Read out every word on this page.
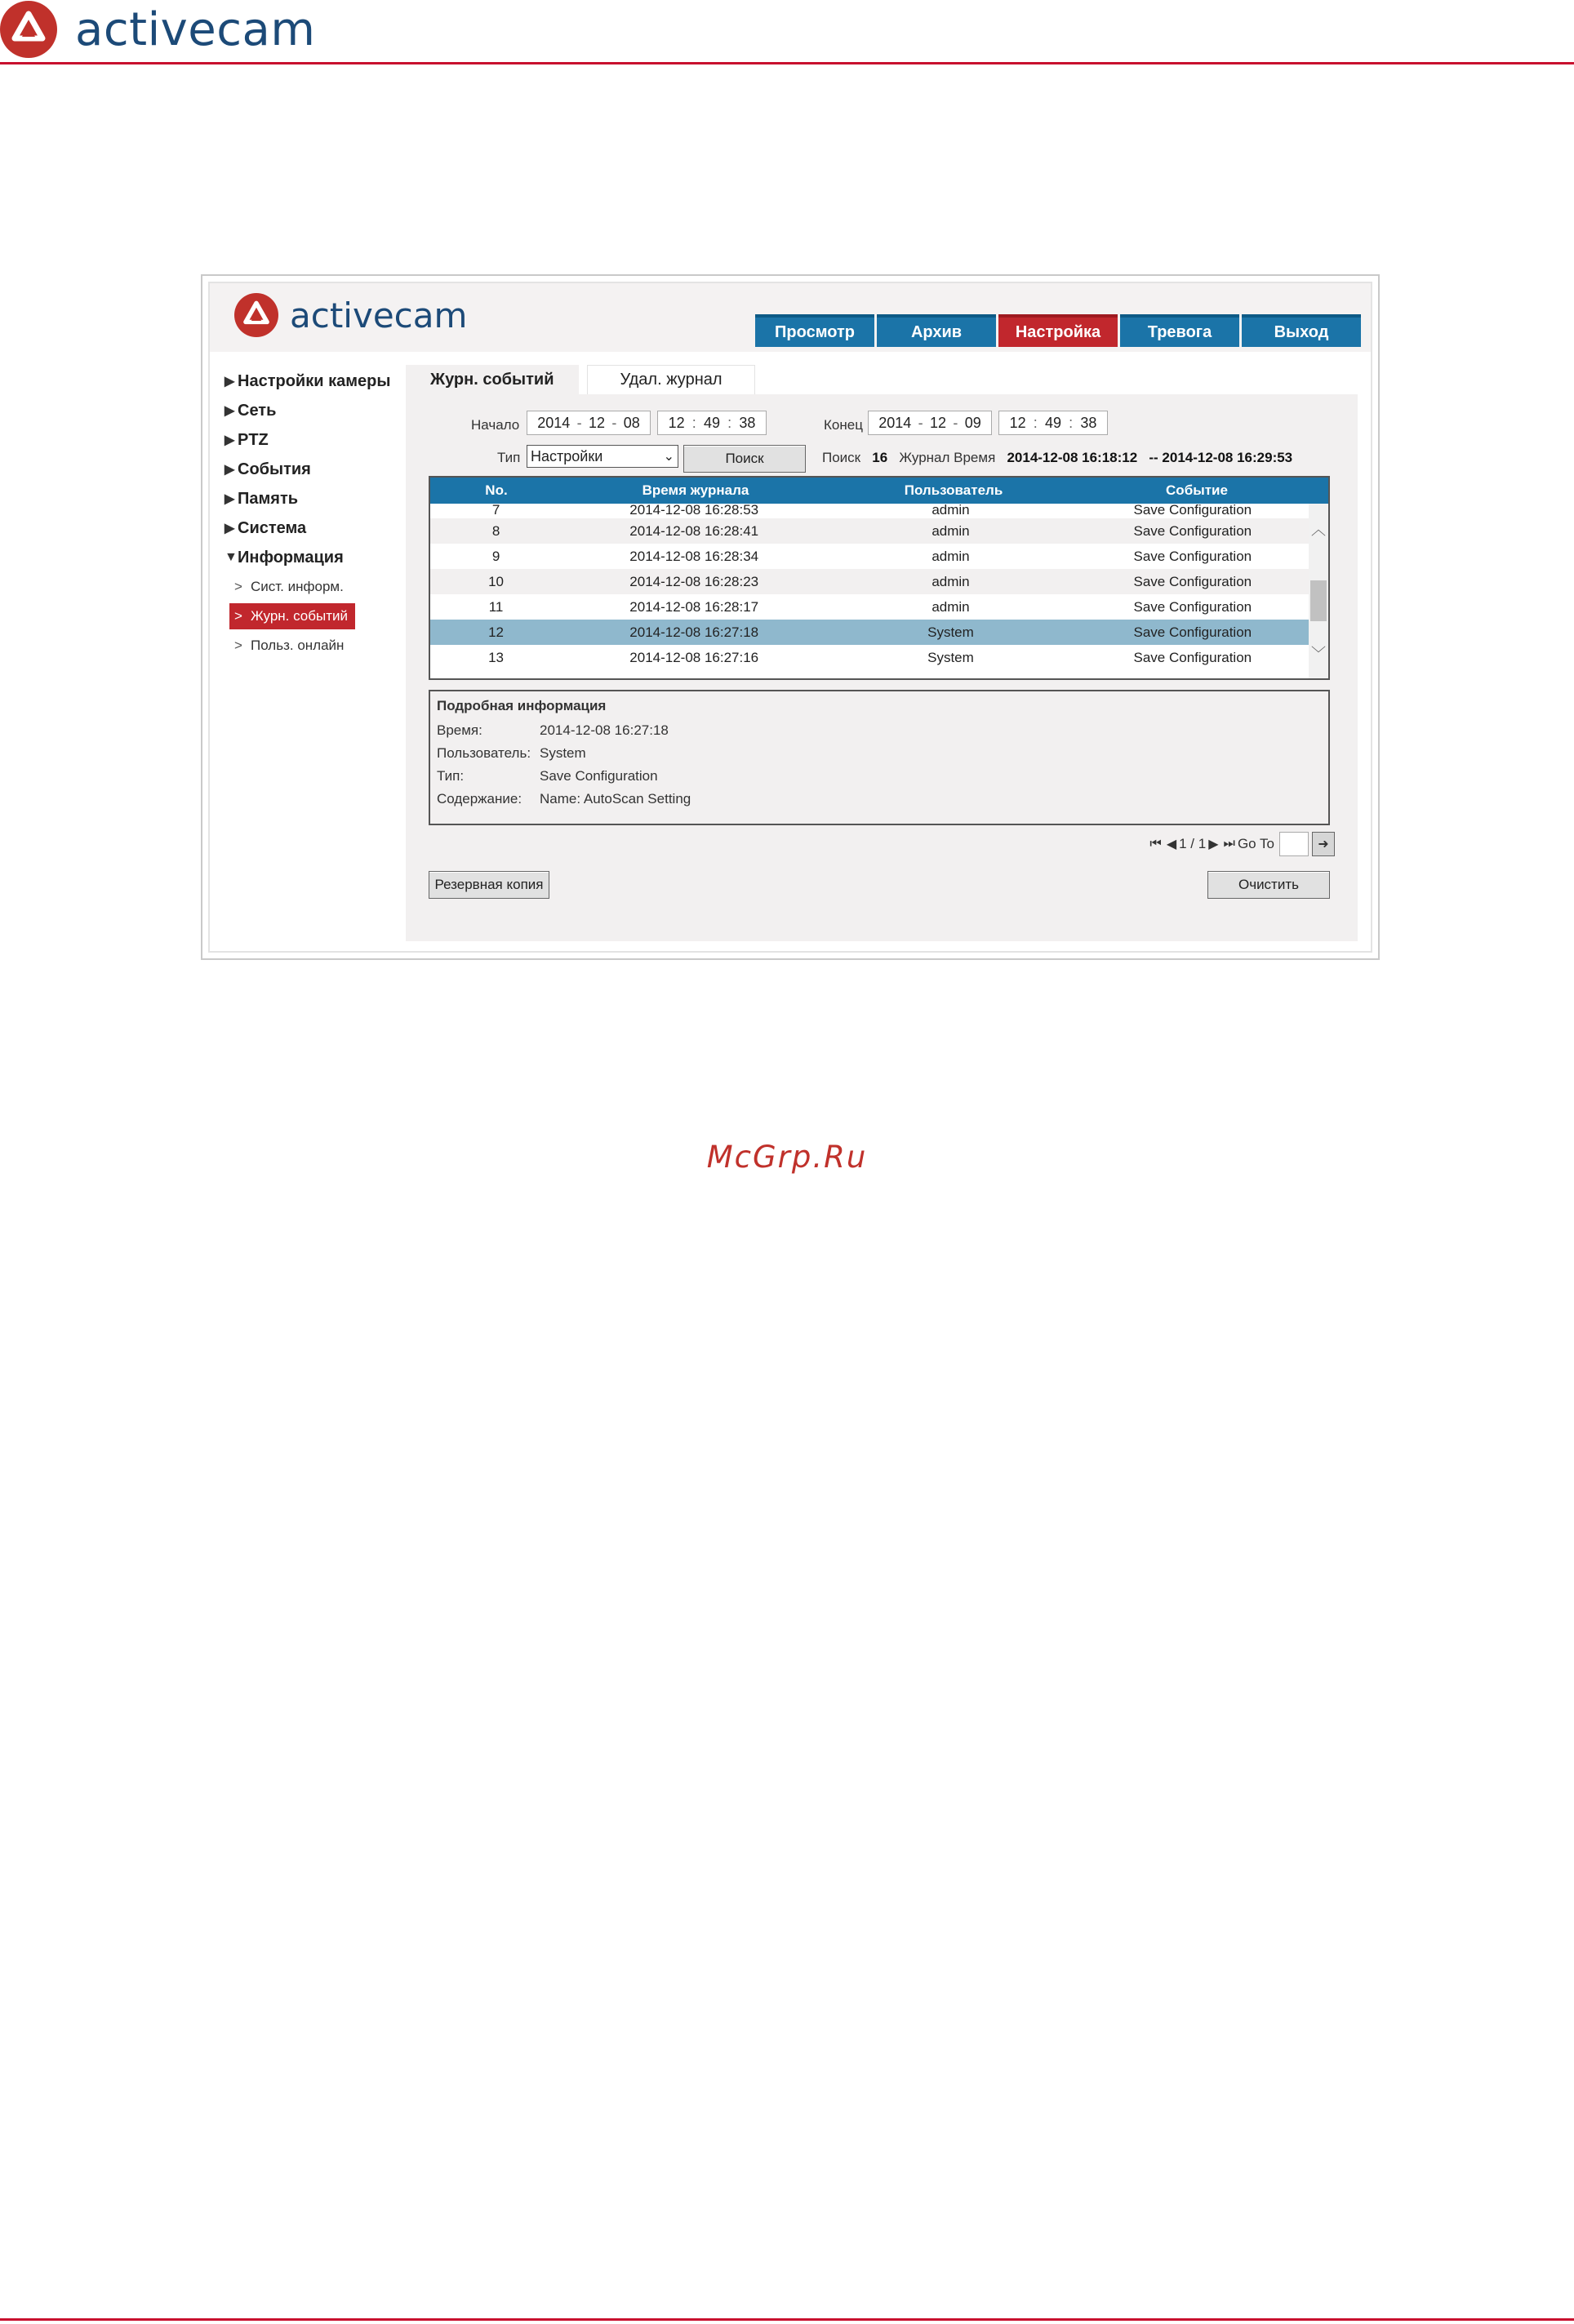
activecam
activecam	Просмотр	Архив	Настройка	Тревога	Выход
▶ Настройки камеры
▶ Сеть
▶ PTZ
▶ События
▶ Память
▶ Система
▼ Информация
> Сист. информ.
> Журн. событий
> Польз. онлайн
Журн. событий	Удал. журнал
Начало 2014 - 12 - 08 12 : 49 : 38	Конец 2014 - 12 - 09 12 : 49 : 38
Тип Настройки	⌄	Поиск	Поиск 16 Журнал Время 2014-12-08 16:18:12 -- 2014-12-08 16:29:53
No.	Время журнала	Пользователь	Событие
7	2014-12-08 16:28:53	admin	Save Configuration
8	2014-12-08 16:28:41	admin	Save Configuration
9	2014-12-08 16:28:34	admin	Save Configuration
10	2014-12-08 16:28:23	admin	Save Configuration
11	2014-12-08 16:28:17	admin	Save Configuration
12	2014-12-08 16:27:18	System	Save Configuration
13	2014-12-08 16:27:16	System	Save Configuration
︿
﹀
Подробная информация
Время:	2014-12-08 16:27:18
Пользователь: System
Тип:	Save Configuration
Содержание:	Name: AutoScan Setting
⏮ ◀ 1 / 1 ▶ ⏭ Go To	➜
Резервная копия	Очистить
McGrp.Ru
